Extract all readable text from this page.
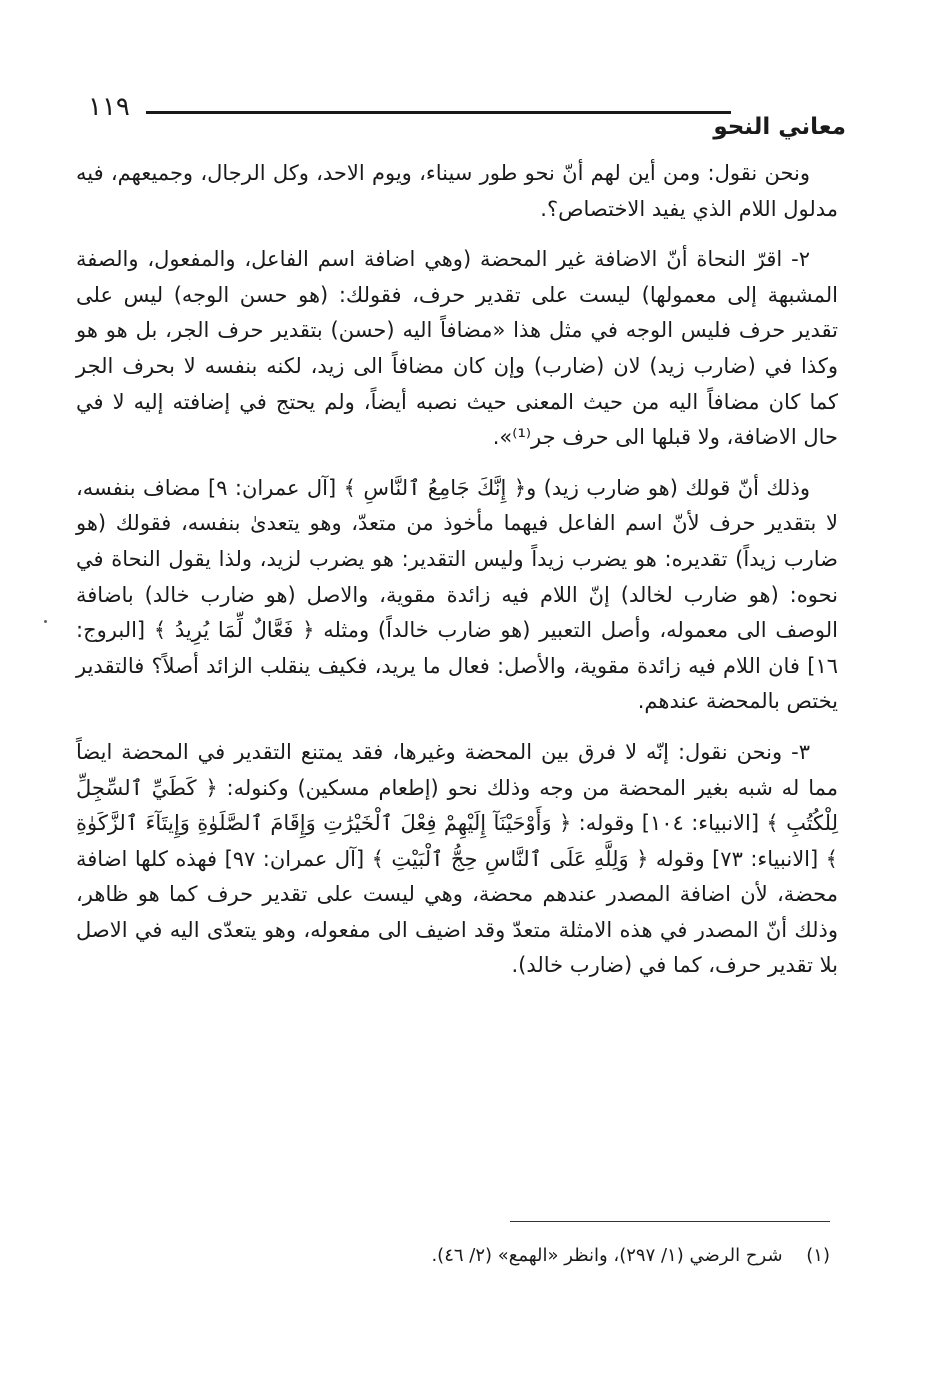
١١٩
معاني النحو

ونحن نقول: ومن أين لهم أنّ نحو طور سيناء، ويوم الاحد، وكل الرجال، وجميعهم، فيه مدلول اللام الذي يفيد الاختصاص؟.

٢- اقرّ النحاة أنّ الاضافة غير المحضة (وهي اضافة اسم الفاعل، والمفعول، والصفة المشبهة إلى معمولها) ليست على تقدير حرف، فقولك: (هو حسن الوجه) ليس على تقدير حرف فليس الوجه في مثل هذا «مضافاً اليه (حسن) بتقدير حرف الجر، بل هو هو وكذا في (ضارب زيد) لان (ضارب) وإن كان مضافاً الى زيد، لكنه بنفسه لا بحرف الجر كما كان مضافاً اليه من حيث المعنى حيث نصبه أيضاً، ولم يحتج في إضافته إليه لا في حال الاضافة، ولا قبلها الى حرف جر⁽¹⁾».

وذلك أنّ قولك (هو ضارب زيد) و﴿ إِنَّكَ جَامِعُ ٱلنَّاسِ ﴾ [آل عمران: ٩] مضاف بنفسه، لا بتقدير حرف لأنّ اسم الفاعل فيهما مأخوذ من متعدّ، وهو يتعدىٰ بنفسه، فقولك (هو ضارب زيداً) تقديره: هو يضرب زيداً وليس التقدير: هو يضرب لزيد، ولذا يقول النحاة في نحوه: (هو ضارب لخالد) إنّ اللام فيه زائدة مقوية، والاصل (هو ضارب خالد) باضافة الوصف الى معموله، وأصل التعبير (هو ضارب خالداً) ومثله ﴿ فَعَّالٌ لِّمَا يُرِيدُ ﴾ [البروج: ١٦] فان اللام فيه زائدة مقوية، والأصل: فعال ما يريد، فكيف ينقلب الزائد أصلاً؟ فالتقدير يختص بالمحضة عندهم.

٣- ونحن نقول: إنّه لا فرق بين المحضة وغيرها، فقد يمتنع التقدير في المحضة ايضاً مما له شبه بغير المحضة من وجه وذلك نحو (إطعام مسكين) وكنوله: ﴿ كَطَيِّ ٱلسِّجِلِّ لِلْكُتُبِ ﴾ [الانبياء: ١٠٤] وقوله: ﴿ وَأَوْحَيْنَآ إِلَيْهِمْ فِعْلَ ٱلْخَيْرَٰتِ وَإِقَامَ ٱلصَّلَوٰةِ وَإِيتَآءَ ٱلزَّكَوٰةِ ﴾ [الانبياء: ٧٣] وقوله ﴿ وَلِلَّهِ عَلَى ٱلنَّاسِ حِجُّ ٱلْبَيْتِ ﴾ [آل عمران: ٩٧] فهذه كلها اضافة محضة، لأن اضافة المصدر عندهم محضة، وهي ليست على تقدير حرف كما هو ظاهر، وذلك أنّ المصدر في هذه الامثلة متعدّ وقد اضيف الى مفعوله، وهو يتعدّى اليه في الاصل بلا تقدير حرف، كما في (ضارب خالد).

(١) شرح الرضي (١/ ٢٩٧)، وانظر «الهمع» (٢/ ٤٦).
